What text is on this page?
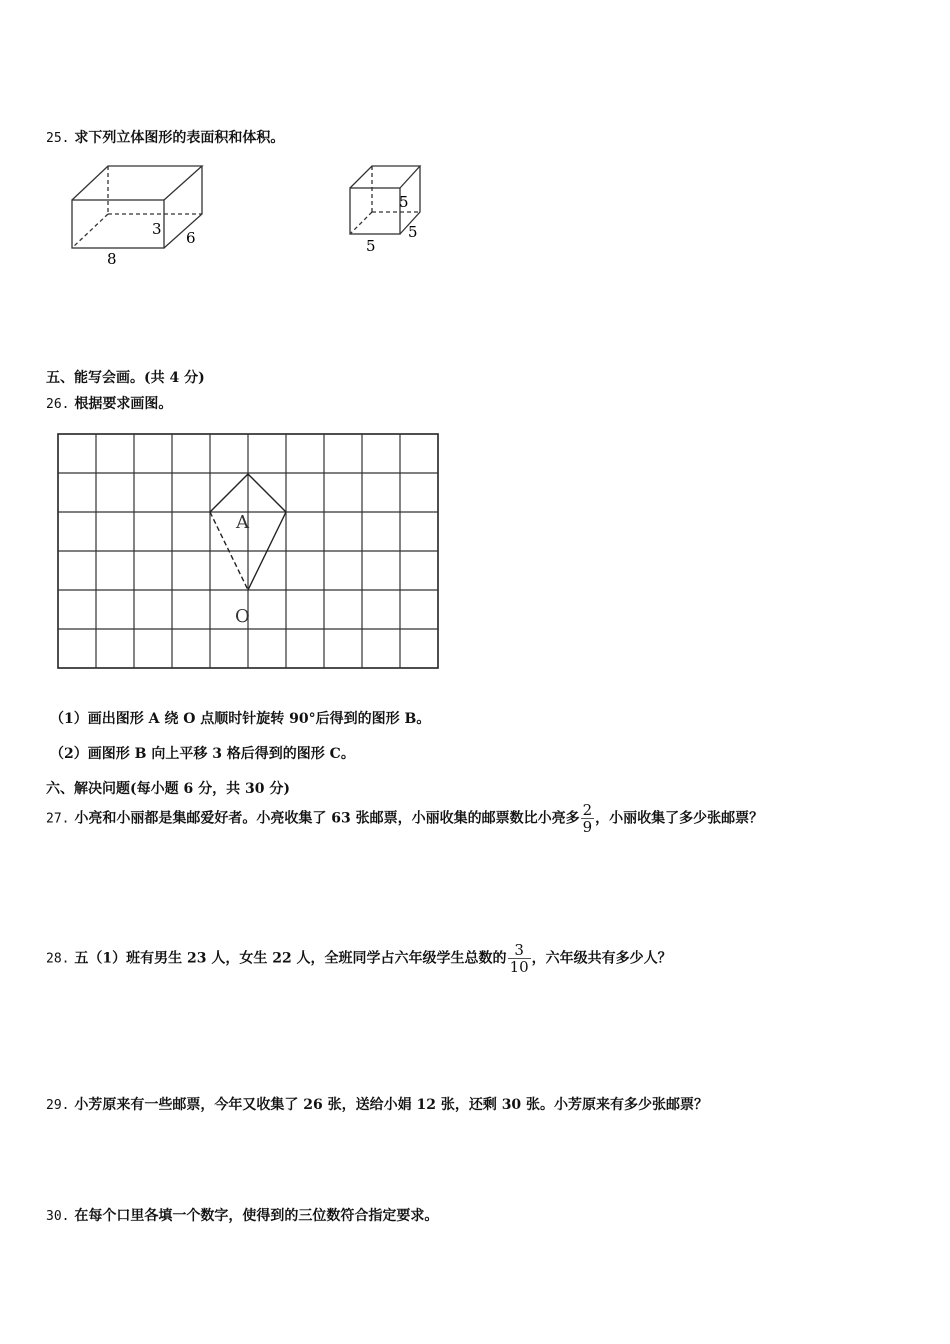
25. 求下列立体图形的表面积和体积。
3 6
8
5
5
5
五、能写会画。(共 4 分)
26. 根据要求画图。
A
O
（1）画出图形 A 绕 O 点顺时针旋转 90°后得到的图形 B。
（2）画图形 B 向上平移 3 格后得到的图形 C。
六、解决问题(每小题 6 分，共 30 分)
27. 小亮和小丽都是集邮爱好者。小亮收集了 63 张邮票，小丽收集的邮票数比小亮多 $\frac{2}{9}$ ，小丽收集了多少张邮票？
28. 五（1）班有男生 23 人，女生 22 人，全班同学占六年级学生总数的 $\frac{3}{10}$ ，六年级共有多少人？
29. 小芳原来有一些邮票，今年又收集了 26 张，送给小娟 12 张，还剩 30 张。小芳原来有多少张邮票？
30. 在每个口里各填一个数字，使得到的三位数符合指定要求。
